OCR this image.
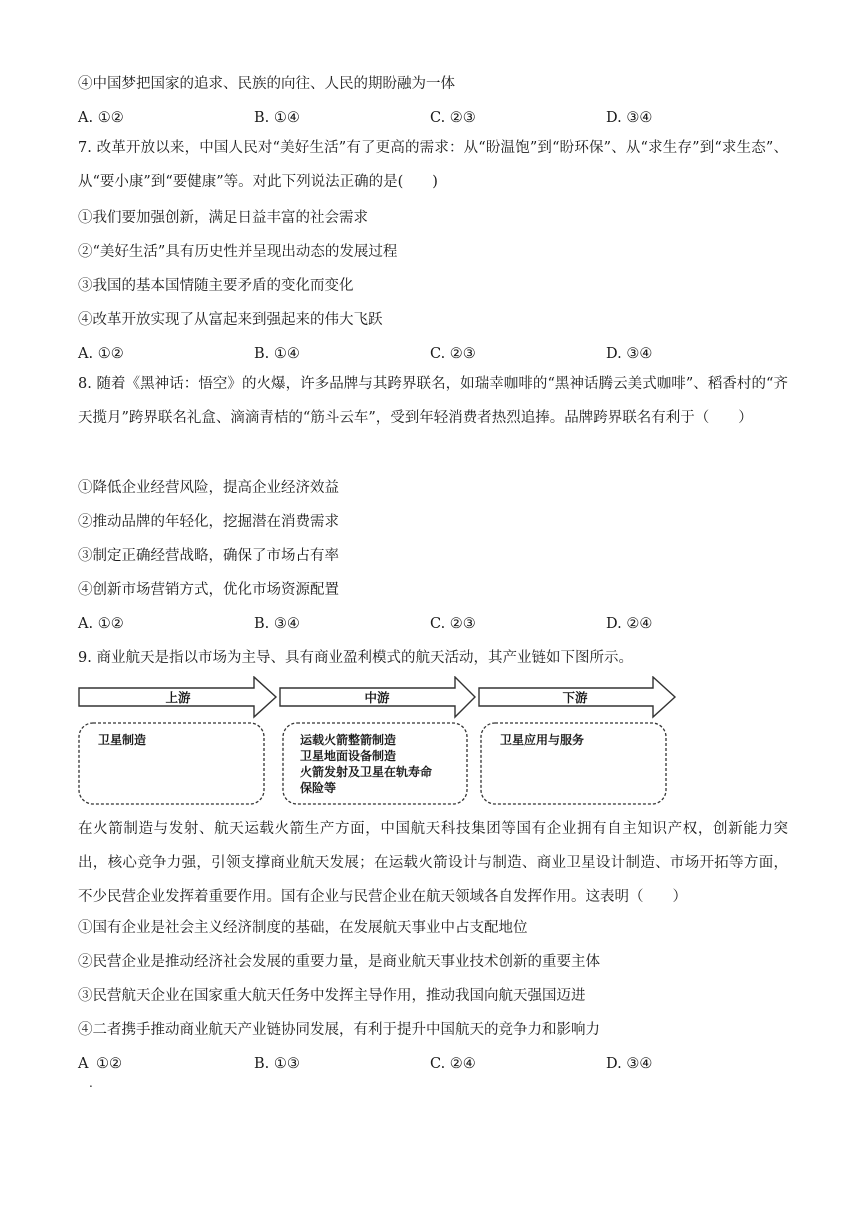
④中国梦把国家的追求、民族的向往、人民的期盼融为一体
A. ①②	B. ①④	C. ②③	D. ③④
7. 改革开放以来，中国人民对“美好生活”有了更高的需求：从“盼温饱”到“盼环保”、从“求生存”到“求生态”、从“要小康”到“要健康”等。对此下列说法正确的是(　　)
①我们要加强创新，满足日益丰富的社会需求
②“美好生活”具有历史性并呈现出动态的发展过程
③我国的基本国情随主要矛盾的变化而变化
④改革开放实现了从富起来到强起来的伟大飞跃
A. ①②	B. ①④	C. ②③	D. ③④
8. 随着《黑神话：悟空》的火爆，许多品牌与其跨界联名，如瑞幸咖啡的“黑神话腾云美式咖啡”、稻香村的“齐天揽月”跨界联名礼盒、滴滴青桔的“筋斗云车”，受到年轻消费者热烈追捧。品牌跨界联名有利于（　　）
①降低企业经营风险，提高企业经济效益
②推动品牌的年轻化，挖掘潜在消费需求
③制定正确经营战略，确保了市场占有率
④创新市场营销方式，优化市场资源配置
A. ①②	B. ③④	C. ②③	D. ②④
9. 商业航天是指以市场为主导、具有商业盈利模式的航天活动，其产业链如下图所示。
上游	中游	下游
卫星制造	运载火箭整箭制造
卫星地面设备制造
火箭发射及卫星在轨寿命
保险等
卫星应用与服务
在火箭制造与发射、航天运载火箭生产方面，中国航天科技集团等国有企业拥有自主知识产权，创新能力突出，核心竞争力强，引领支撑商业航天发展；在运载火箭设计与制造、商业卫星设计制造、市场开拓等方面，不少民营企业发挥着重要作用。国有企业与民营企业在航天领域各自发挥作用。这表明（　　）
①国有企业是社会主义经济制度的基础，在发展航天事业中占支配地位
②民营企业是推动经济社会发展的重要力量，是商业航天事业技术创新的重要主体
③民营航天企业在国家重大航天任务中发挥主导作用，推动我国向航天强国迈进
④二者携手推动商业航天产业链协同发展，有利于提升中国航天的竞争力和影响力
A ①②	B. ①③	C. ②④	D. ③④
.
